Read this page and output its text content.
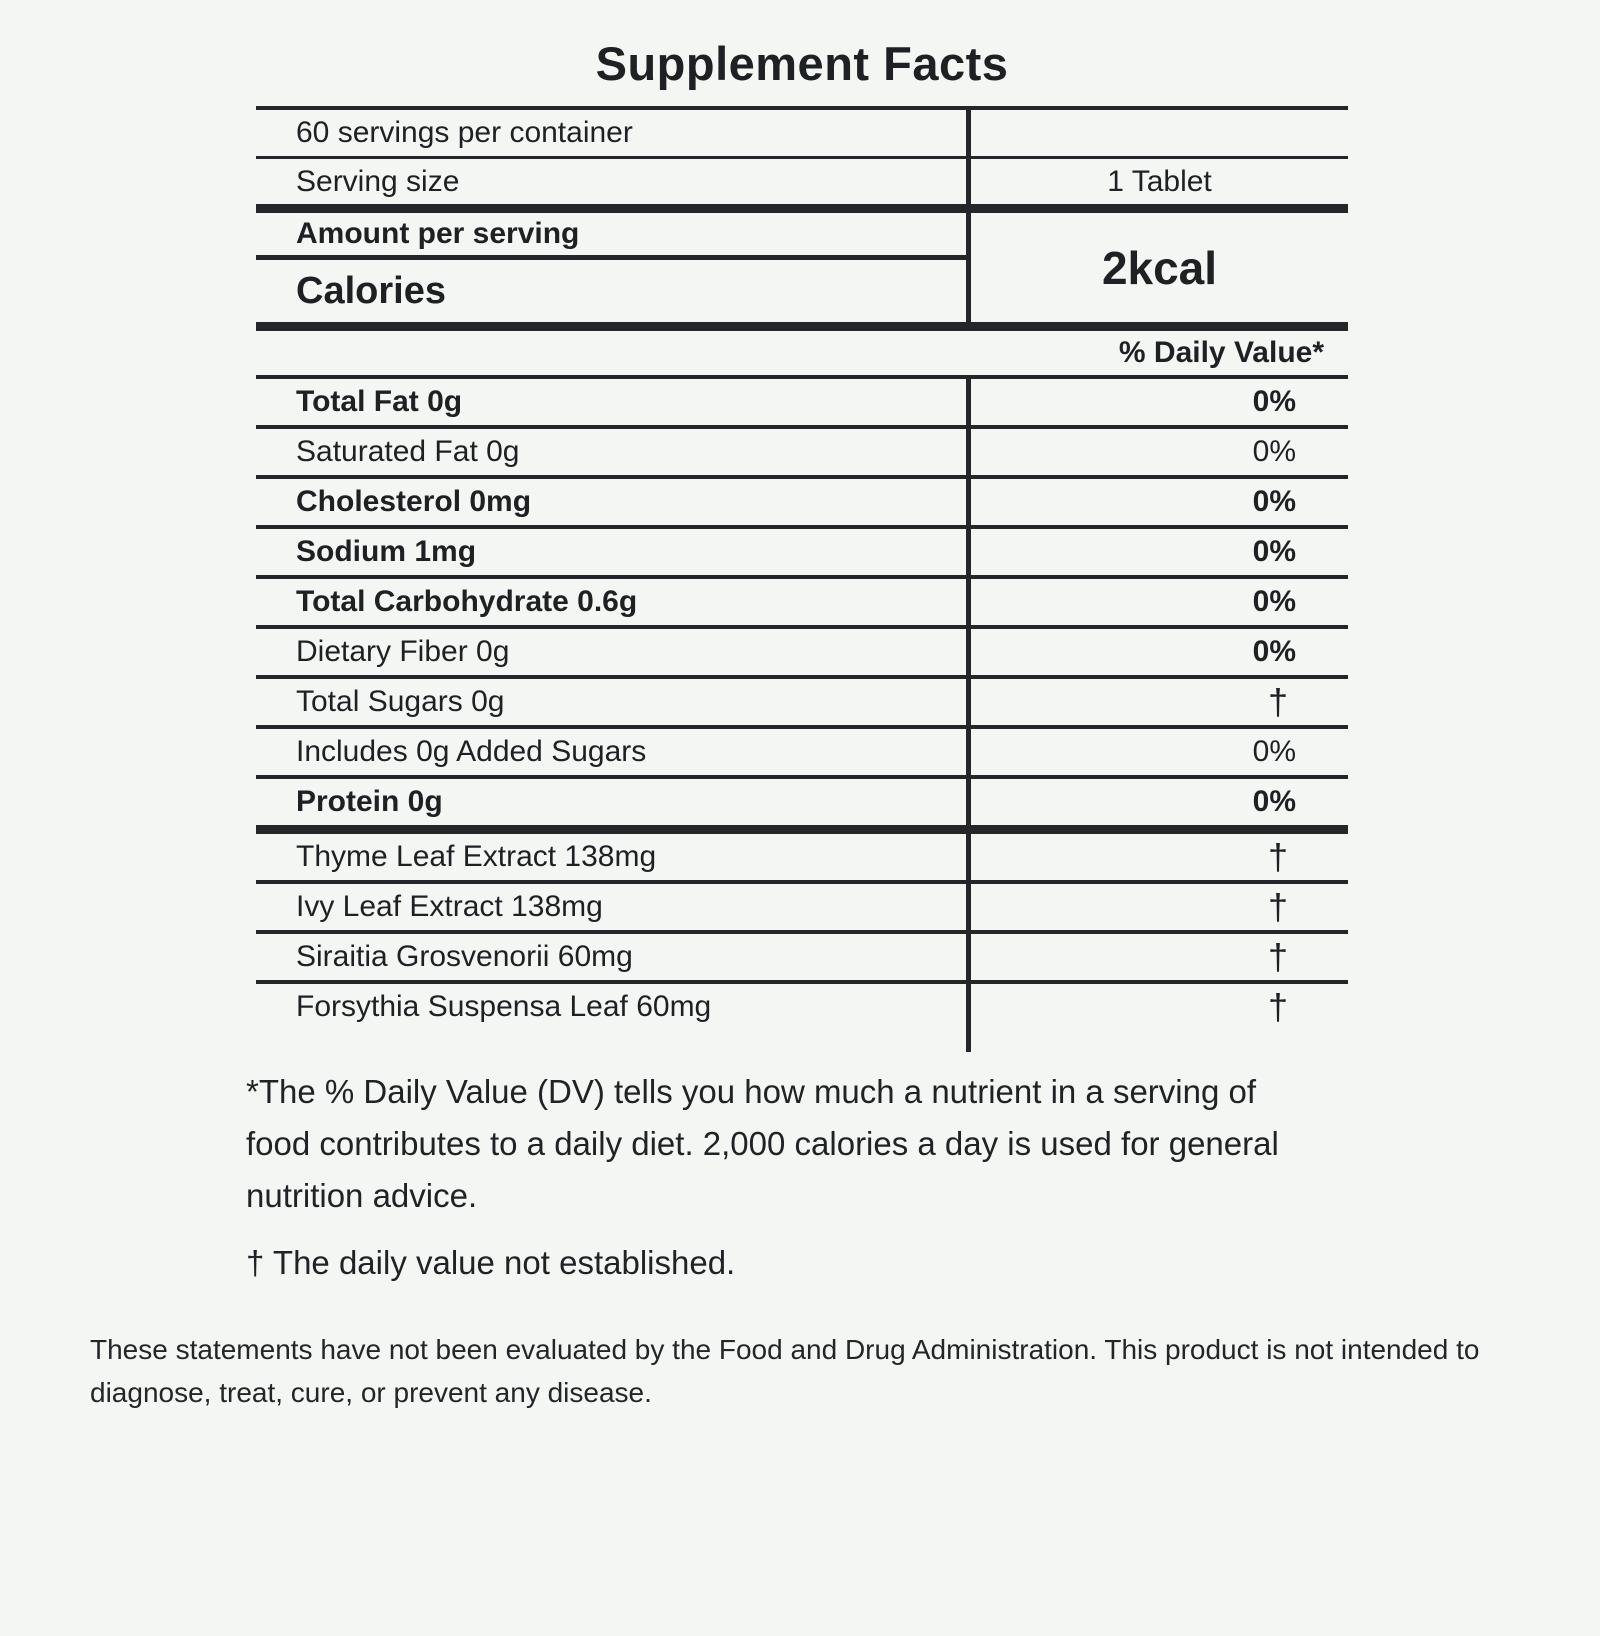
Supplement Facts
60 servings per container
Serving size	1 Tablet
Amount per serving
Calories	2kcal
% Daily Value*
Total Fat 0g	0%
Saturated Fat 0g	0%
Cholesterol 0mg	0%
Sodium 1mg	0%
Total Carbohydrate 0.6g	0%
Dietary Fiber 0g	0%
Total Sugars 0g	†
Includes 0g Added Sugars	0%
Protein 0g	0%
Thyme Leaf Extract 138mg	†
Ivy Leaf Extract 138mg	†
Siraitia Grosvenorii 60mg	†
Forsythia Suspensa Leaf 60mg	†
*The % Daily Value (DV) tells you how much a nutrient in a serving of food contributes to a daily diet. 2,000 calories a day is used for general nutrition advice.
† The daily value not established.
These statements have not been evaluated by the Food and Drug Administration. This product is not intended to diagnose, treat, cure, or prevent any disease.
